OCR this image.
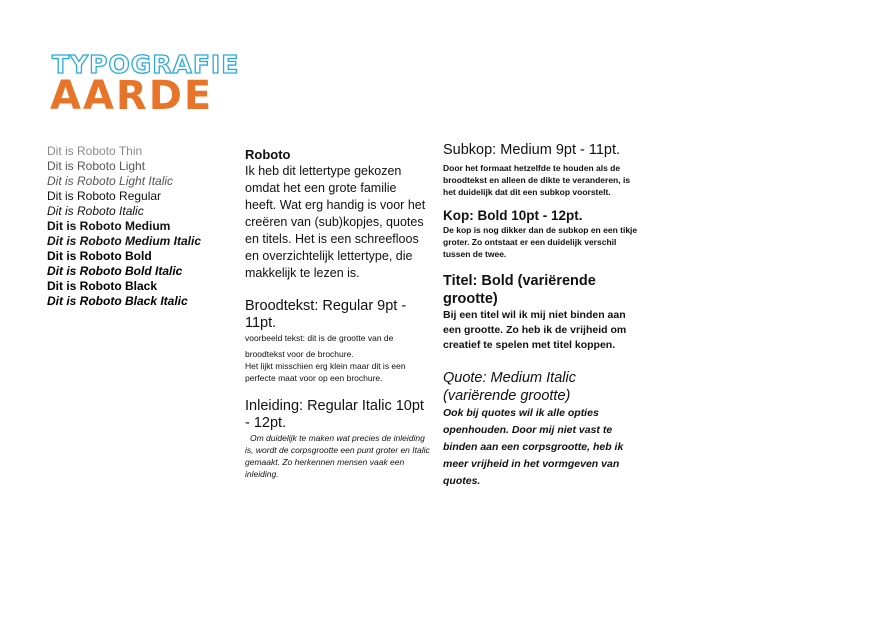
TYPOGRAFIE
AARDE
Dit is Roboto Thin
Dit is Roboto Light
Dit is Roboto Light Italic
Dit is Roboto Regular
Dit is Roboto Italic
Dit is Roboto Medium
Dit is Roboto Medium Italic
Dit is Roboto Bold
Dit is Roboto Bold Italic
Dit is Roboto Black
Dit is Roboto Black Italic
Roboto

Ik heb dit lettertype gekozen omdat het een grote familie heeft. Wat erg handig is voor het creëren van (sub)kopjes, quotes en titels. Het is een schreefloos en overzichtelijk lettertype, die makkelijk te lezen is.

Broodtekst: Regular 9pt - 11pt.

voorbeeld tekst: dit is de grootte van de

broodtekst voor de brochure.

Het lijkt misschien erg klein maar dit is een perfecte maat voor op een brochure.

Inleiding: Regular Italic 10pt - 12pt.

Om duidelijk te maken wat precies de inleiding is, wordt de corpsgrootte een punt groter en Italic gemaakt. Zo herkennen mensen vaak een inleiding.

Subkop: Medium 9pt - 11pt.

Door het formaat hetzelfde te houden als de broodtekst en alleen de dikte te veranderen, is het duidelijk dat dit een subkop voorstelt.

Kop: Bold 10pt - 12pt.

De kop is nog dikker dan de subkop en een tikje groter. Zo ontstaat er een duidelijk verschil tussen de twee.

Titel: Bold (variërende grootte)

Bij een titel wil ik mij niet binden aan een grootte. Zo heb ik de vrijheid om creatief te spelen met titel koppen.

Quote: Medium Italic (variërende grootte)

Ook bij quotes wil ik alle opties openhouden. Door mij niet vast te binden aan een corpsgrootte, heb ik meer vrijheid in het vormgeven van quotes.
